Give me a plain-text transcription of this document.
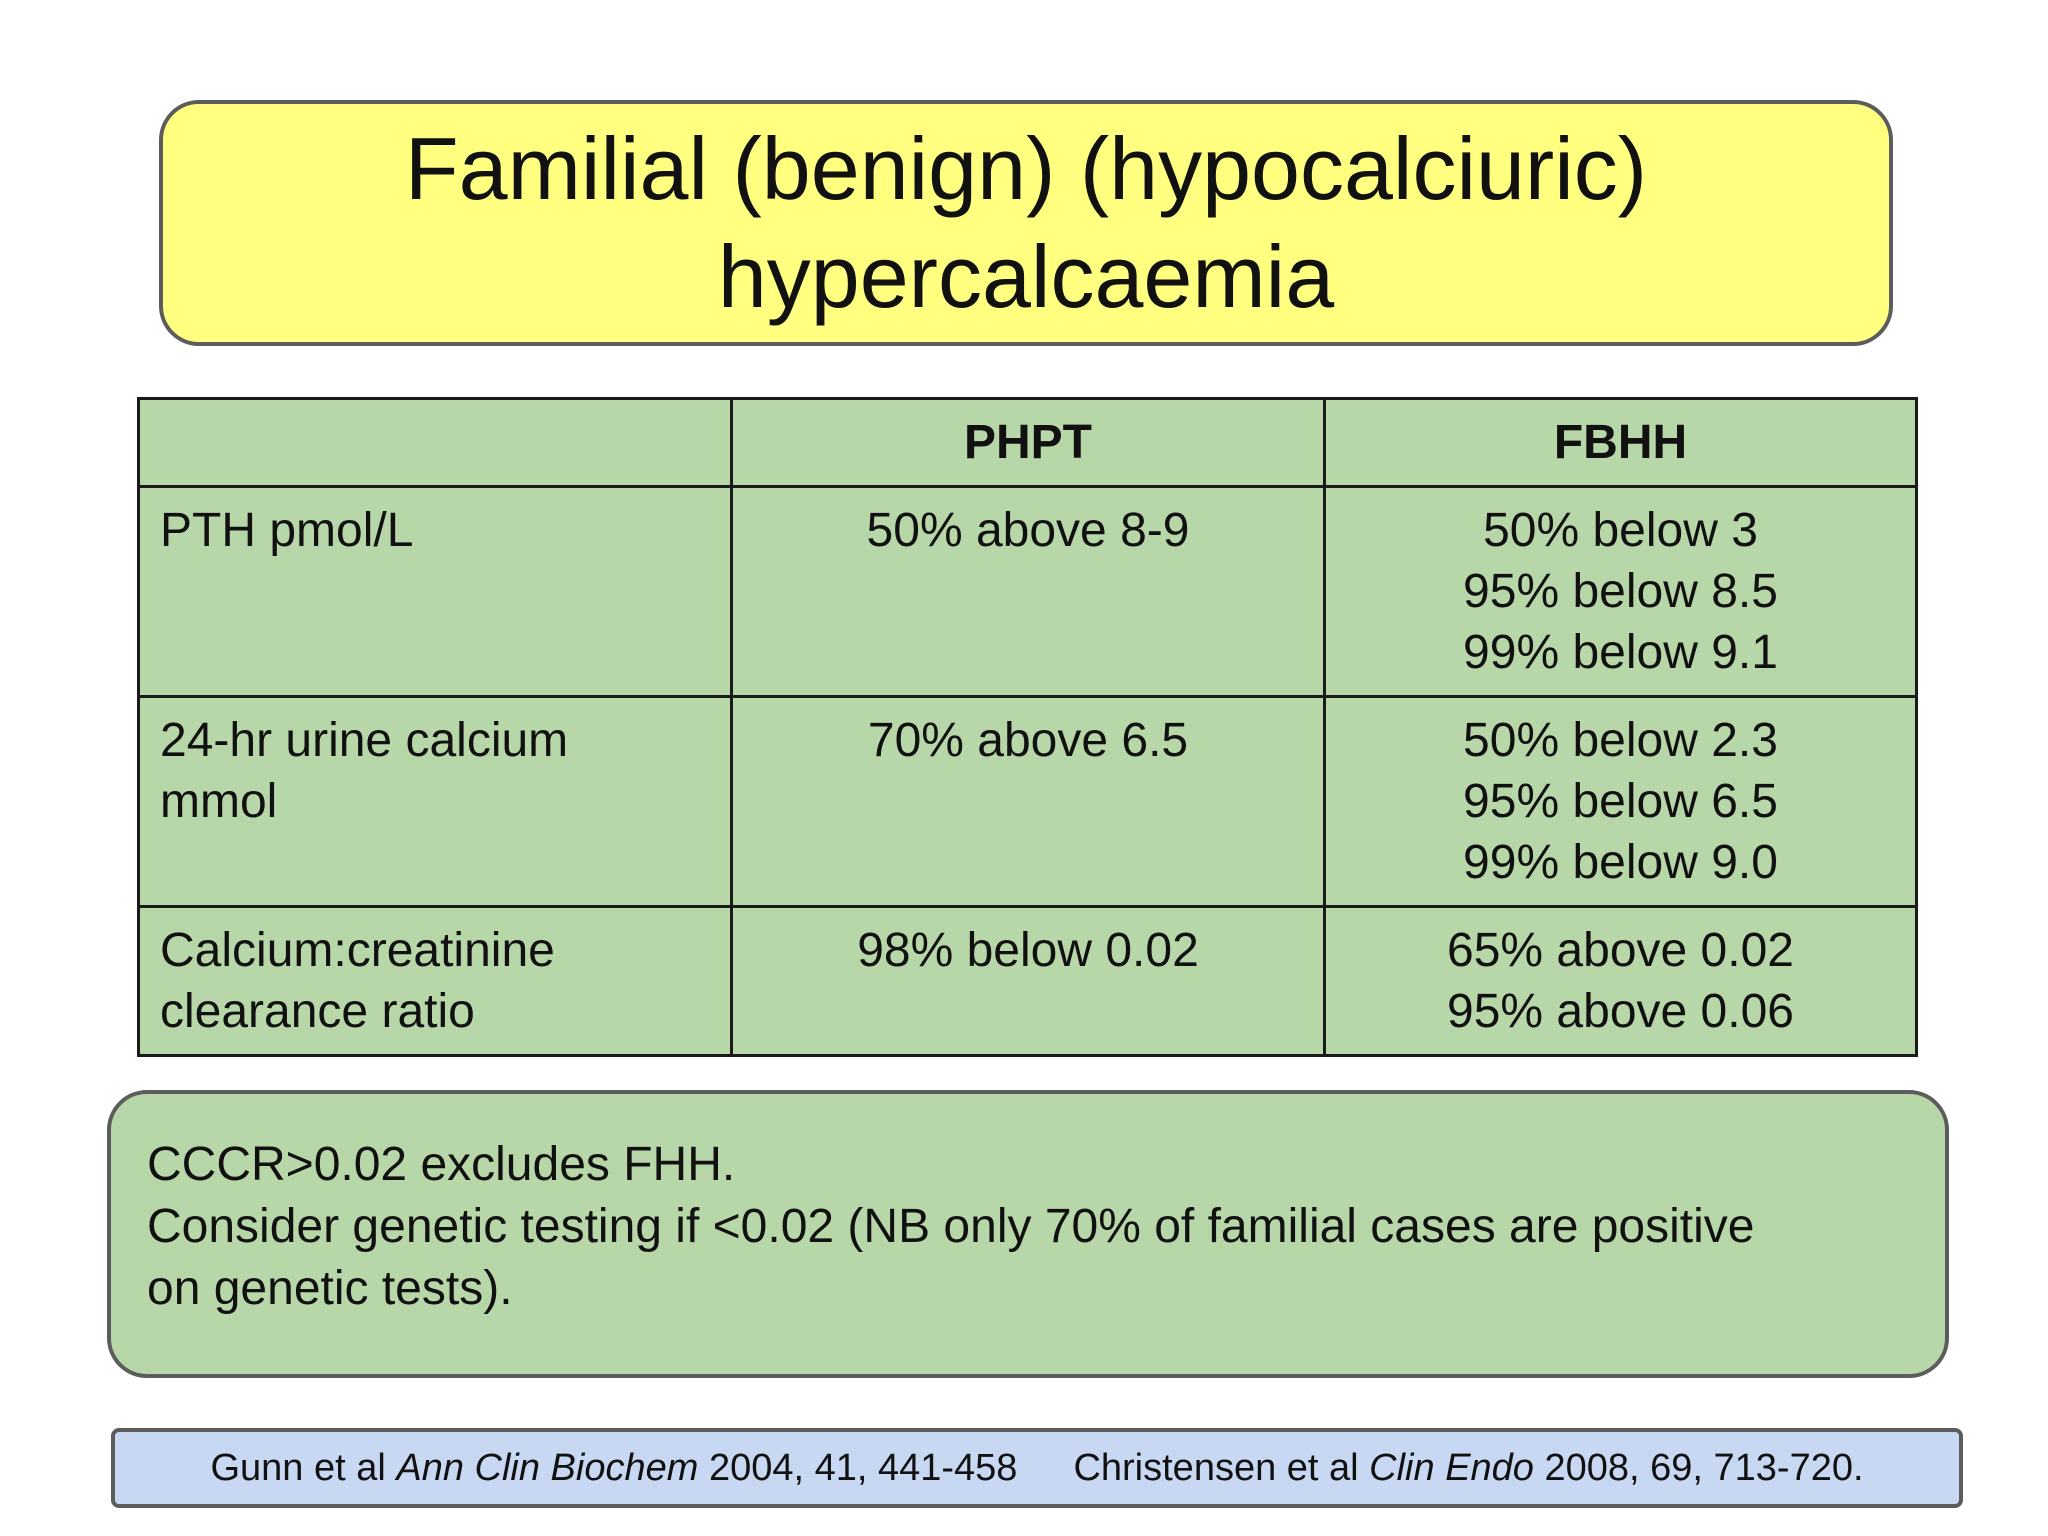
Familial (benign) (hypocalciuric)
hypercalcaemia
	PHPT	FBHH

PTH pmol/L	50% above 8-9	50% below 3
95% below 8.5
99% below 9.1

24-hr urine calcium
mmol	70% above 6.5	50% below 2.3
95% below 6.5
99% below 9.0

Calcium:creatinine
clearance ratio	98% below 0.02	65% above 0.02
95% above 0.06
CCCR>0.02 excludes FHH.
Consider genetic testing if <0.02 (NB only 70% of familial cases are positive
on genetic tests).
Gunn et al Ann Clin Biochem 2004, 41, 441-458 Christensen et al Clin Endo 2008, 69, 713-720.
